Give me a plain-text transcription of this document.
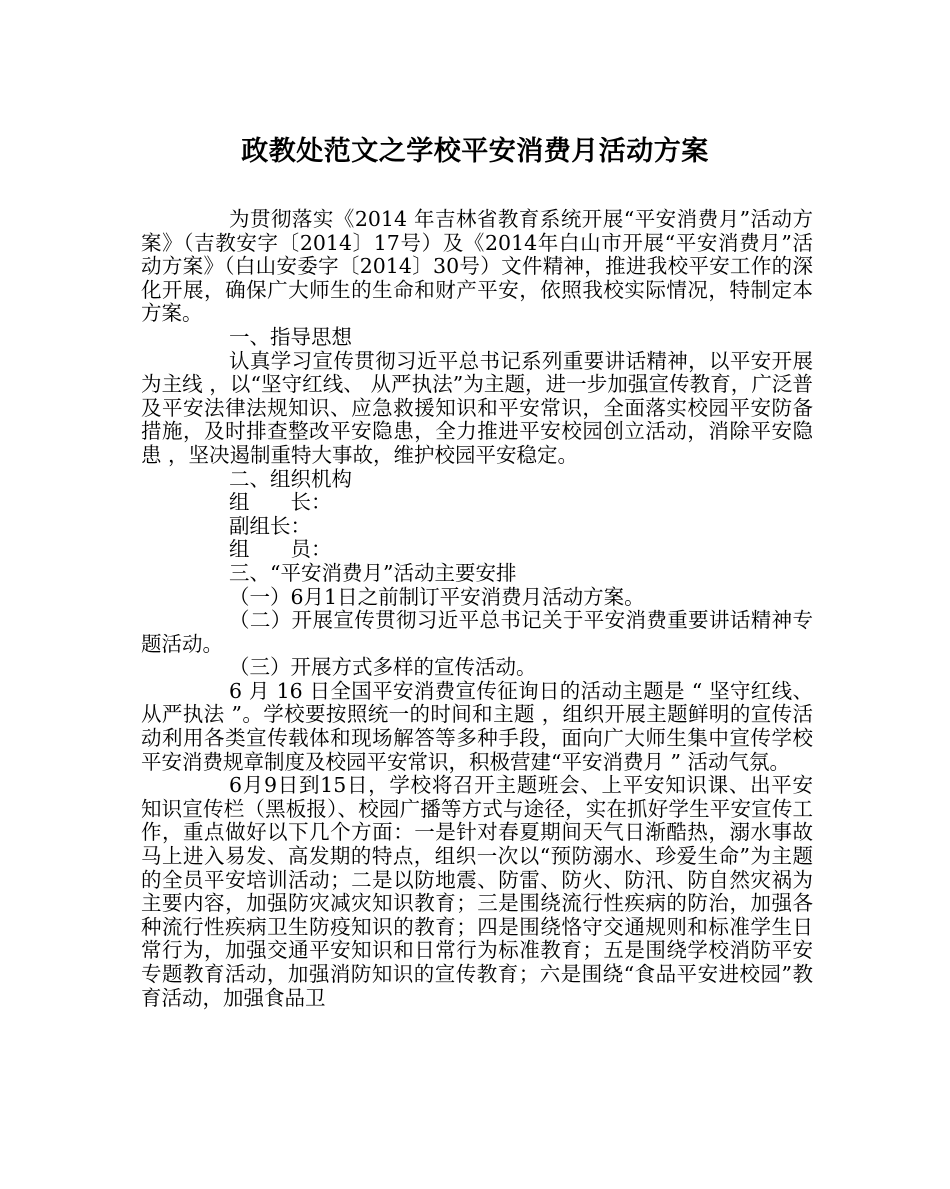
政教处范文之学校平安消费月活动方案

为贯彻落实《2014 年吉林省教育系统开展“平安消费月”活动方案》（吉教安字〔2014〕17号）及《2014年白山市开展“平安消费月”活动方案》（白山安委字〔2014〕30号）文件精神，推进我校平安工作的深化开展，确保广大师生的生命和财产平安，依照我校实际情况，特制定本方案。

一、指导思想

认真学习宣传贯彻习近平总书记系列重要讲话精神，以平安开展为主线 ，以“坚守红线、 从严执法”为主题，进一步加强宣传教育，广泛普及平安法律法规知识、应急救援知识和平安常识，全面落实校园平安防备措施，及时排查整改平安隐患，全力推进平安校园创立活动，消除平安隐患 ，坚决遏制重特大事故，维护校园平安稳定。

二、组织机构

组　　长：

副组长：

组　　员：

三、“平安消费月”活动主要安排

（一）6月1日之前制订平安消费月活动方案。

（二）开展宣传贯彻习近平总书记关于平安消费重要讲话精神专题活动。

（三）开展方式多样的宣传活动。

6 月 16 日全国平安消费宣传征询日的活动主题是 “ 坚守红线、从严执法 ”。学校要按照统一的时间和主题 ，组织开展主题鲜明的宣传活动利用各类宣传载体和现场解答等多种手段，面向广大师生集中宣传学校平安消费规章制度及校园平安常识，积极营建“平安消费月 ” 活动气氛。

6月9日到15日，学校将召开主题班会、上平安知识课、出平安知识宣传栏（黑板报）、校园广播等方式与途径，实在抓好学生平安宣传工作，重点做好以下几个方面：一是针对春夏期间天气日渐酷热，溺水事故马上进入易发、高发期的特点，组织一次以“预防溺水、珍爱生命”为主题的全员平安培训活动；二是以防地震、防雷、防火、防汛、防自然灾祸为主要内容，加强防灾减灾知识教育；三是围绕流行性疾病的防治，加强各种流行性疾病卫生防疫知识的教育；四是围绕恪守交通规则和标准学生日常行为，加强交通平安知识和日常行为标准教育；五是围绕学校消防平安专题教育活动，加强消防知识的宣传教育；六是围绕“食品平安进校园”教育活动，加强食品卫
